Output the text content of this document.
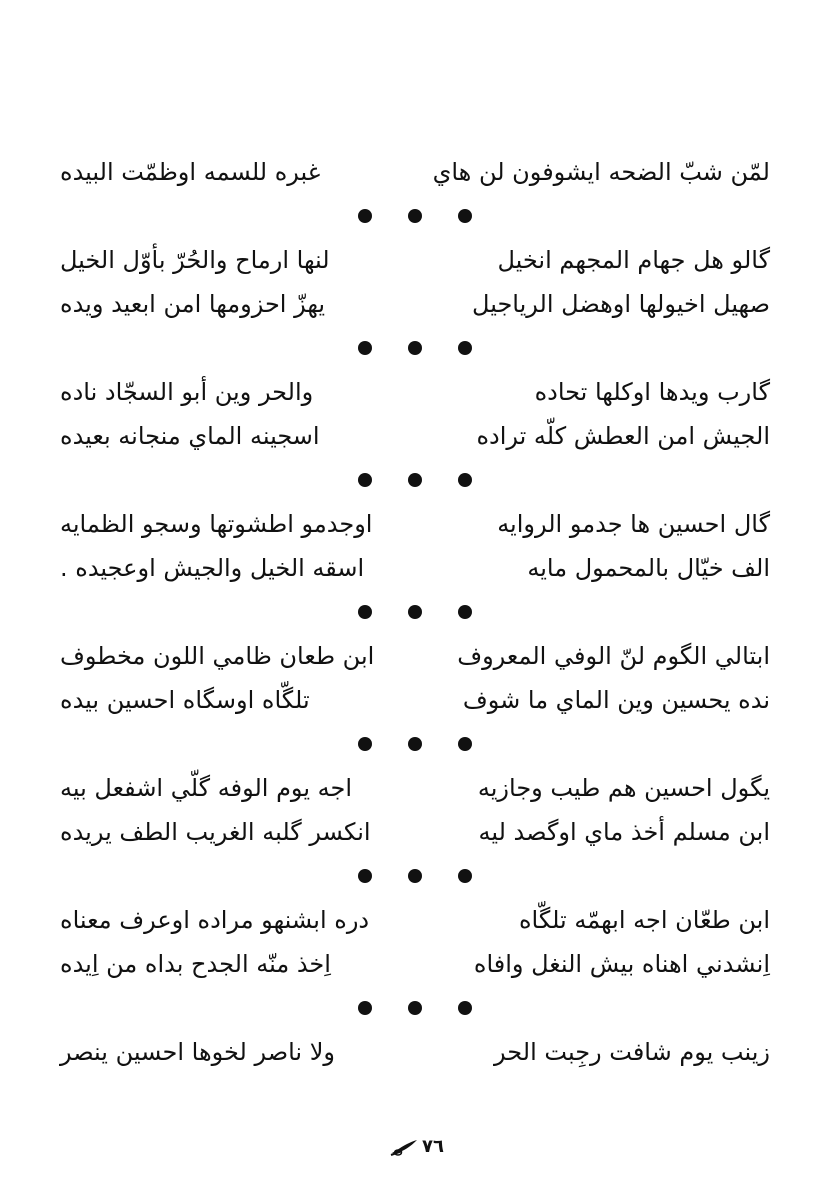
لمّن شبّ الضحه ايشوفون لن هاي
غبره للسمه اوظمّت البيده
گالو هل جهام المجهم انخيل
لنها ارماح والحُرّ بأوّل الخيل
صهيل اخيولها اوهضل الرياجيل
يهزّ احزومها امن ابعيد ويده
گارب ويدها اوكلها تحاده
والحر وين أبو السجّاد ناده
الجيش امن العطش كلّه تراده
اسجينه الماي منجانه بعيده
گال احسين ها جدمو الروايه
اوجدمو اطشوتها وسجو الظمايه
الف خيّال بالمحمول مايه
اسقه الخيل والجيش اوعجيده .
ابتالي الگوم لنّ الوفي المعروف
ابن طعان ظامي اللون مخطوف
نده يحسين وين الماي ما شوف
تلگّاه اوسگاه احسين بيده
يگول احسين هم طيب وجازيه
اجه يوم الوفه گلّي اشفعل بيه
ابن مسلم أخذ ماي اوگصد ليه
انكسر گلبه الغريب الطف يريده
ابن طعّان اجه ابهمّه تلگّاه
دره ابشنهو مراده اوعرف معناه
اِنشدني اهناه بيش النغل وافاه
اِخذ منّه الجدح بداه من اِيده
زينب يوم شافت رجِبت الحر
ولا ناصر لخوها احسين ينصر
٧٦
